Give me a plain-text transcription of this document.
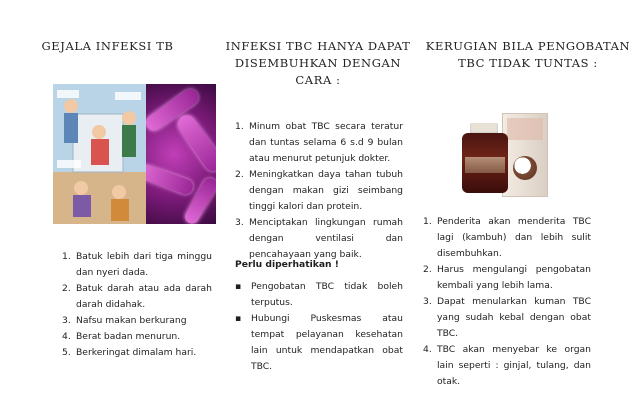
GEJALA INFEKSI TB
1. Batuk lebih dari tiga minggu dan nyeri dada.
2. Batuk darah atau ada darah darah didahak.
3. Nafsu makan berkurang
4. Berat badan menurun.
5. Berkeringat dimalam hari.
INFEKSI TBC HANYA DAPAT DISEMBUHKAN DENGAN CARA :
1. Minum obat TBC secara teratur dan tuntas selama 6 s.d 9 bulan atau menurut petunjuk dokter.
2. Meningkatkan daya tahan tubuh dengan makan gizi seimbang tinggi kalori dan protein.
3. Menciptakan lingkungan rumah dengan ventilasi dan pencahayaan yang baik.
Perlu diperhatikan !
▪ Pengobatan TBC tidak boleh terputus.
▪ Hubungi Puskesmas atau tempat pelayanan kesehatan lain untuk mendapatkan obat TBC.
KERUGIAN BILA PENGOBATAN TBC TIDAK TUNTAS :
1. Penderita akan menderita TBC lagi (kambuh) dan lebih sulit disembuhkan.
2. Harus mengulangi pengobatan kembali yang lebih lama.
3. Dapat menularkan kuman TBC yang sudah kebal dengan obat TBC.
4. TBC akan menyebar ke organ lain seperti : ginjal, tulang, dan otak.
